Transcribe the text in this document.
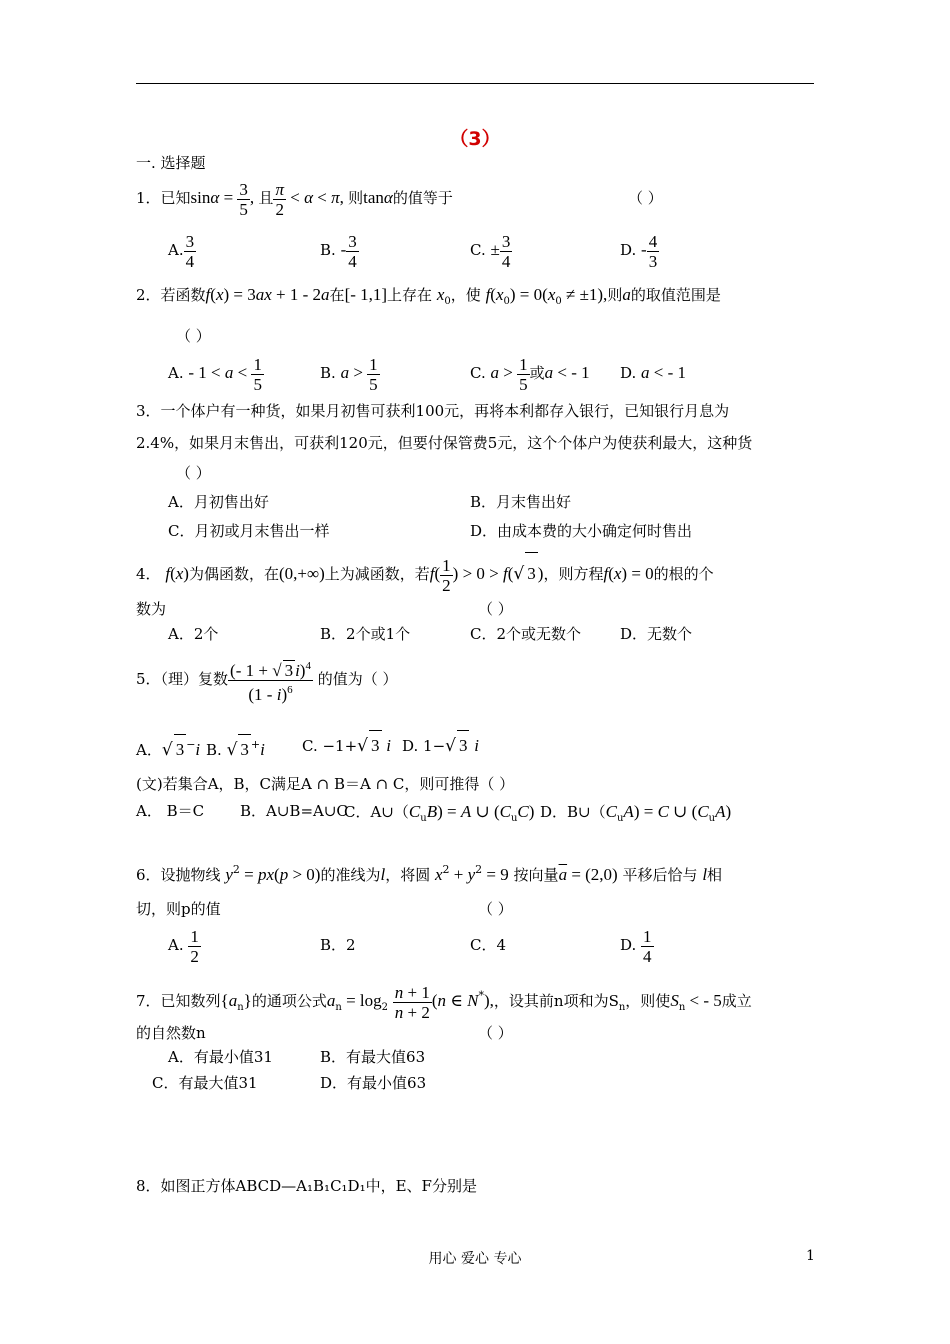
（3）
一. 选择题
1．已知$\sin\alpha = \frac{3}{5}$ , 且 $\frac{\pi}{2} < \alpha < \pi$, 则tanα的值等于	（ ）
A. $\frac{3}{4}$	B. - $\frac{3}{4}$	C. ± $\frac{3}{4}$	D. - $\frac{4}{3}$
2．若函数f(x) = 3ax + 1 - 2a在[- 1,1]上存在 $x_0$，使 $f(x_0) = 0(x_0 \ne \pm 1)$,则a的取值范围是
（ ）
A. - $1 < a < \frac{1}{5}$	B. $a > \frac{1}{5}$	C. $a > \frac{1}{5}$ 或a < - 1 D. a < - 1
3．一个体户有一种货，如果月初售可获利100元，再将本利都存入银行，已知银行月息为
2.4%，如果月末售出，可获利120元，但要付保管费5元，这个个体户为使获利最大，这种货
（ ）
A．月初售出好	B．月末售出好
C．月初或月末售出一样	D．由成本费的大小确定何时售出
4． f(x)为偶函数，在(0,+∞)上为减函数，若$f( \frac{1}{2}$ ) > 0 > f(√ 3 )，则方程f(x) = 0的根的个
数为	（ ）
A．2个	B．2个或1个	C．2个或无数个	D．无数个
5．（理）复数 $\frac{(- 1 + √ 3 i)^4}{(1 - i)^6}$ 的值为（ ）
A．√ 3 −i B. √ 3 +i C. −1+√ 3 i D. 1−√ 3 i
(文)若集合A，B，C满足A ∩ B＝A ∩ C，则可推得（ ）
A． B＝C B．A∪B=A∪C
C．$A\cup(C_uB) = A$ ∪ $(C_uC)$ D．$B\cup(C_uA) = C$ ∪ $(C_uA)$
6．设抛物线 $y^2 = px(p > 0)$的准线为l，将圆 $x^2 + y^2 = 9$ 按向量$\overline{a} = (2,0)$ 平移后恰与 l相
切，则p的值	（ ）
A. $\frac{1}{2}$	B．2	C．4	D. $\frac{1}{4}$
7．已知数列$\{a_n\}$的通项公式$a_n = \log_2 \frac{n + 1}{n + 2} (n$ ∈ N*),，设其前n项和为$S_n$，则使$S_n$ < - 5成立
的自然数n	（ ）
A．有最小值31	B．有最大值63
C．有最大值31	D．有最小值63
8．如图正方体ABCD—A₁B₁C₁D₁中，E、F分别是
用心 爱心 专心	1
